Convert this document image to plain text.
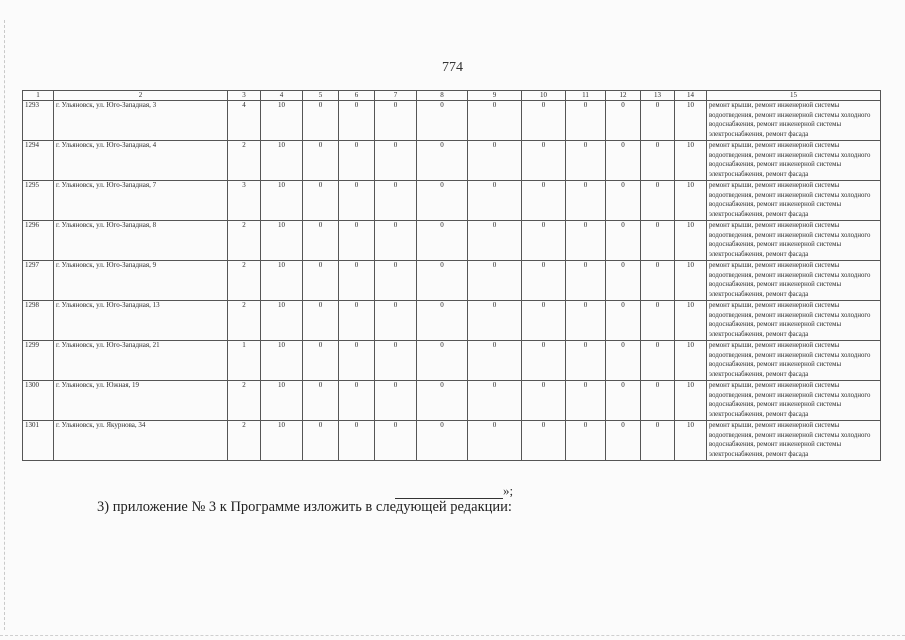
774
1	2	3	4	5	6	7	8	9	10	11	12	13	14	15
1293	г. Ульяновск, ул. Юго-Западная, 3	4	10	0	0	0	0	0	0	0	0	0	10	ремонт крыши, ремонт инженерной системы водоотведения, ремонт инженерной системы холодного водоснабжения, ремонт инженерной системы электроснабжения, ремонт фасада
1294	г. Ульяновск, ул. Юго-Западная, 4	2	10	0	0	0	0	0	0	0	0	0	10	ремонт крыши, ремонт инженерной системы водоотведения, ремонт инженерной системы холодного водоснабжения, ремонт инженерной системы электроснабжения, ремонт фасада
1295	г. Ульяновск, ул. Юго-Западная, 7	3	10	0	0	0	0	0	0	0	0	0	10	ремонт крыши, ремонт инженерной системы водоотведения, ремонт инженерной системы холодного водоснабжения, ремонт инженерной системы электроснабжения, ремонт фасада
1296	г. Ульяновск, ул. Юго-Западная, 8	2	10	0	0	0	0	0	0	0	0	0	10	ремонт крыши, ремонт инженерной системы водоотведения, ремонт инженерной системы холодного водоснабжения, ремонт инженерной системы электроснабжения, ремонт фасада
1297	г. Ульяновск, ул. Юго-Западная, 9	2	10	0	0	0	0	0	0	0	0	0	10	ремонт крыши, ремонт инженерной системы водоотведения, ремонт инженерной системы холодного водоснабжения, ремонт инженерной системы электроснабжения, ремонт фасада
1298	г. Ульяновск, ул. Юго-Западная, 13	2	10	0	0	0	0	0	0	0	0	0	10	ремонт крыши, ремонт инженерной системы водоотведения, ремонт инженерной системы холодного водоснабжения, ремонт инженерной системы электроснабжения, ремонт фасада
1299	г. Ульяновск, ул. Юго-Западная, 21	1	10	0	0	0	0	0	0	0	0	0	10	ремонт крыши, ремонт инженерной системы водоотведения, ремонт инженерной системы холодного водоснабжения, ремонт инженерной системы электроснабжения, ремонт фасада
1300	г. Ульяновск, ул. Южная, 19	2	10	0	0	0	0	0	0	0	0	0	10	ремонт крыши, ремонт инженерной системы водоотведения, ремонт инженерной системы холодного водоснабжения, ремонт инженерной системы электроснабжения, ремонт фасада
1301	г. Ульяновск, ул. Якурнова, 34	2	10	0	0	0	0	0	0	0	0	0	10	ремонт крыши, ремонт инженерной системы водоотведения, ремонт инженерной системы холодного водоснабжения, ремонт инженерной системы электроснабжения, ремонт фасада
»;
3) приложение № 3 к Программе изложить в следующей редакции:
